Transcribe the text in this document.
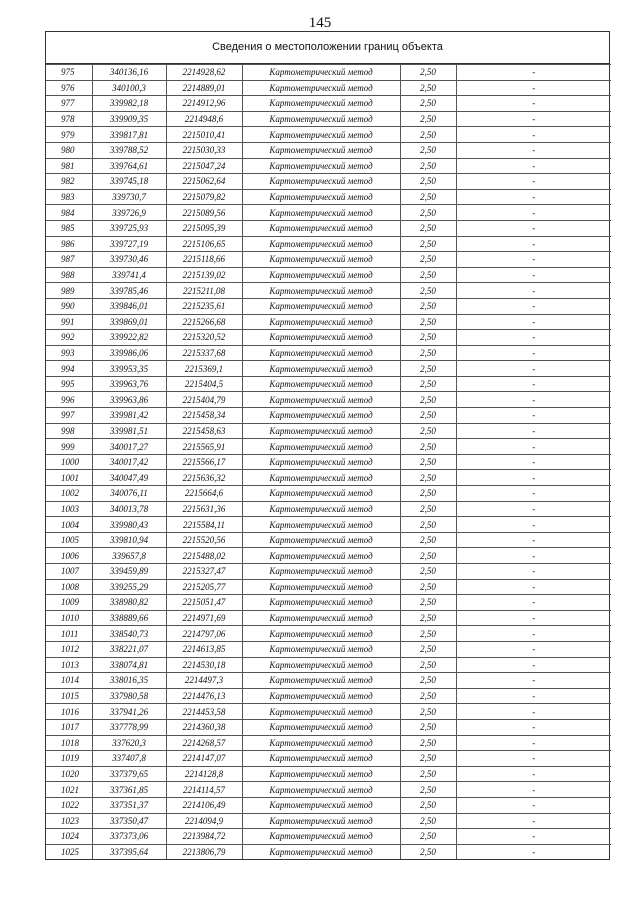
145
Сведения о местоположении границ объекта
975	340136,16	2214928,62	Картометрический метод	2,50	-
976	340100,3	2214889,01	Картометрический метод	2,50	-
977	339982,18	2214912,96	Картометрический метод	2,50	-
978	339909,35	2214948,6	Картометрический метод	2,50	-
979	339817,81	2215010,41	Картометрический метод	2,50	-
980	339788,52	2215030,33	Картометрический метод	2,50	-
981	339764,61	2215047,24	Картометрический метод	2,50	-
982	339745,18	2215062,64	Картометрический метод	2,50	-
983	339730,7	2215079,82	Картометрический метод	2,50	-
984	339726,9	2215089,56	Картометрический метод	2,50	-
985	339725,93	2215095,39	Картометрический метод	2,50	-
986	339727,19	2215106,65	Картометрический метод	2,50	-
987	339730,46	2215118,66	Картометрический метод	2,50	-
988	339741,4	2215139,02	Картометрический метод	2,50	-
989	339785,46	2215211,08	Картометрический метод	2,50	-
990	339846,01	2215235,61	Картометрический метод	2,50	-
991	339869,01	2215266,68	Картометрический метод	2,50	-
992	339922,82	2215320,52	Картометрический метод	2,50	-
993	339986,06	2215337,68	Картометрический метод	2,50	-
994	339953,35	2215369,1	Картометрический метод	2,50	-
995	339963,76	2215404,5	Картометрический метод	2,50	-
996	339963,86	2215404,79	Картометрический метод	2,50	-
997	339981,42	2215458,34	Картометрический метод	2,50	-
998	339981,51	2215458,63	Картометрический метод	2,50	-
999	340017,27	2215565,91	Картометрический метод	2,50	-
1000	340017,42	2215566,17	Картометрический метод	2,50	-
1001	340047,49	2215636,32	Картометрический метод	2,50	-
1002	340076,11	2215664,6	Картометрический метод	2,50	-
1003	340013,78	2215631,36	Картометрический метод	2,50	-
1004	339980,43	2215584,11	Картометрический метод	2,50	-
1005	339810,94	2215520,56	Картометрический метод	2,50	-
1006	339657,8	2215488,02	Картометрический метод	2,50	-
1007	339459,89	2215327,47	Картометрический метод	2,50	-
1008	339255,29	2215205,77	Картометрический метод	2,50	-
1009	338980,82	2215051,47	Картометрический метод	2,50	-
1010	338889,66	2214971,69	Картометрический метод	2,50	-
1011	338540,73	2214797,06	Картометрический метод	2,50	-
1012	338221,07	2214613,85	Картометрический метод	2,50	-
1013	338074,81	2214530,18	Картометрический метод	2,50	-
1014	338016,35	2214497,3	Картометрический метод	2,50	-
1015	337980,58	2214476,13	Картометрический метод	2,50	-
1016	337941,26	2214453,58	Картометрический метод	2,50	-
1017	337778,99	2214360,38	Картометрический метод	2,50	-
1018	337620,3	2214268,57	Картометрический метод	2,50	-
1019	337407,8	2214147,07	Картометрический метод	2,50	-
1020	337379,65	2214128,8	Картометрический метод	2,50	-
1021	337361,85	2214114,57	Картометрический метод	2,50	-
1022	337351,37	2214106,49	Картометрический метод	2,50	-
1023	337350,47	2214094,9	Картометрический метод	2,50	-
1024	337373,06	2213984,72	Картометрический метод	2,50	-
1025	337395,64	2213806,79	Картометрический метод	2,50	-
